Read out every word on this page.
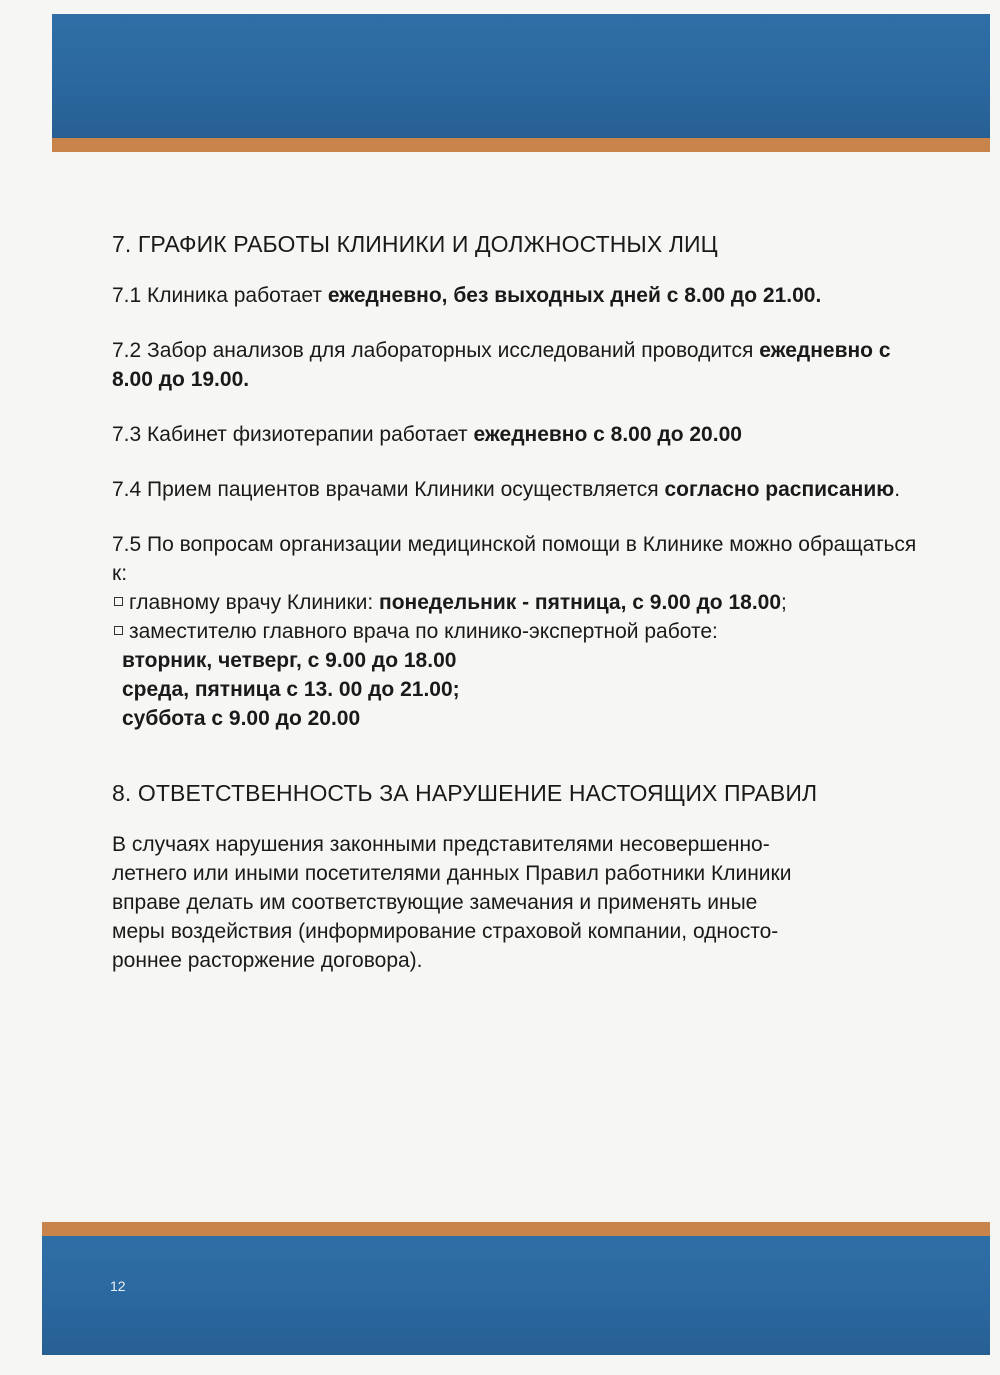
7. ГРАФИК РАБОТЫ КЛИНИКИ И ДОЛЖНОСТНЫХ ЛИЦ
7.1 Клиника работает ежедневно, без выходных дней с 8.00 до 21.00.
7.2 Забор анализов для лабораторных исследований проводится ежедневно с 8.00 до 19.00.
7.3 Кабинет физиотерапии работает ежедневно с 8.00 до 20.00
7.4 Прием пациентов врачами Клиники осуществляется согласно расписанию.
7.5 По вопросам организации медицинской помощи в Клинике можно обращаться к:
главному врачу Клиники: понедельник - пятница, с 9.00 до 18.00;
заместителю главного врача по клинико-экспертной работе:
вторник, четверг, с 9.00 до 18.00
среда, пятница с 13. 00 до 21.00;
суббота с 9.00 до 20.00
8. ОТВЕТСТВЕННОСТЬ ЗА НАРУШЕНИЕ НАСТОЯЩИХ ПРАВИЛ
В случаях нарушения законными представителями несовершенно-
летнего или иными посетителями данных Правил работники Клиники
вправе делать им соответствующие замечания и применять иные
меры воздействия (информирование страховой компании, односто-
роннее расторжение договора).
12
